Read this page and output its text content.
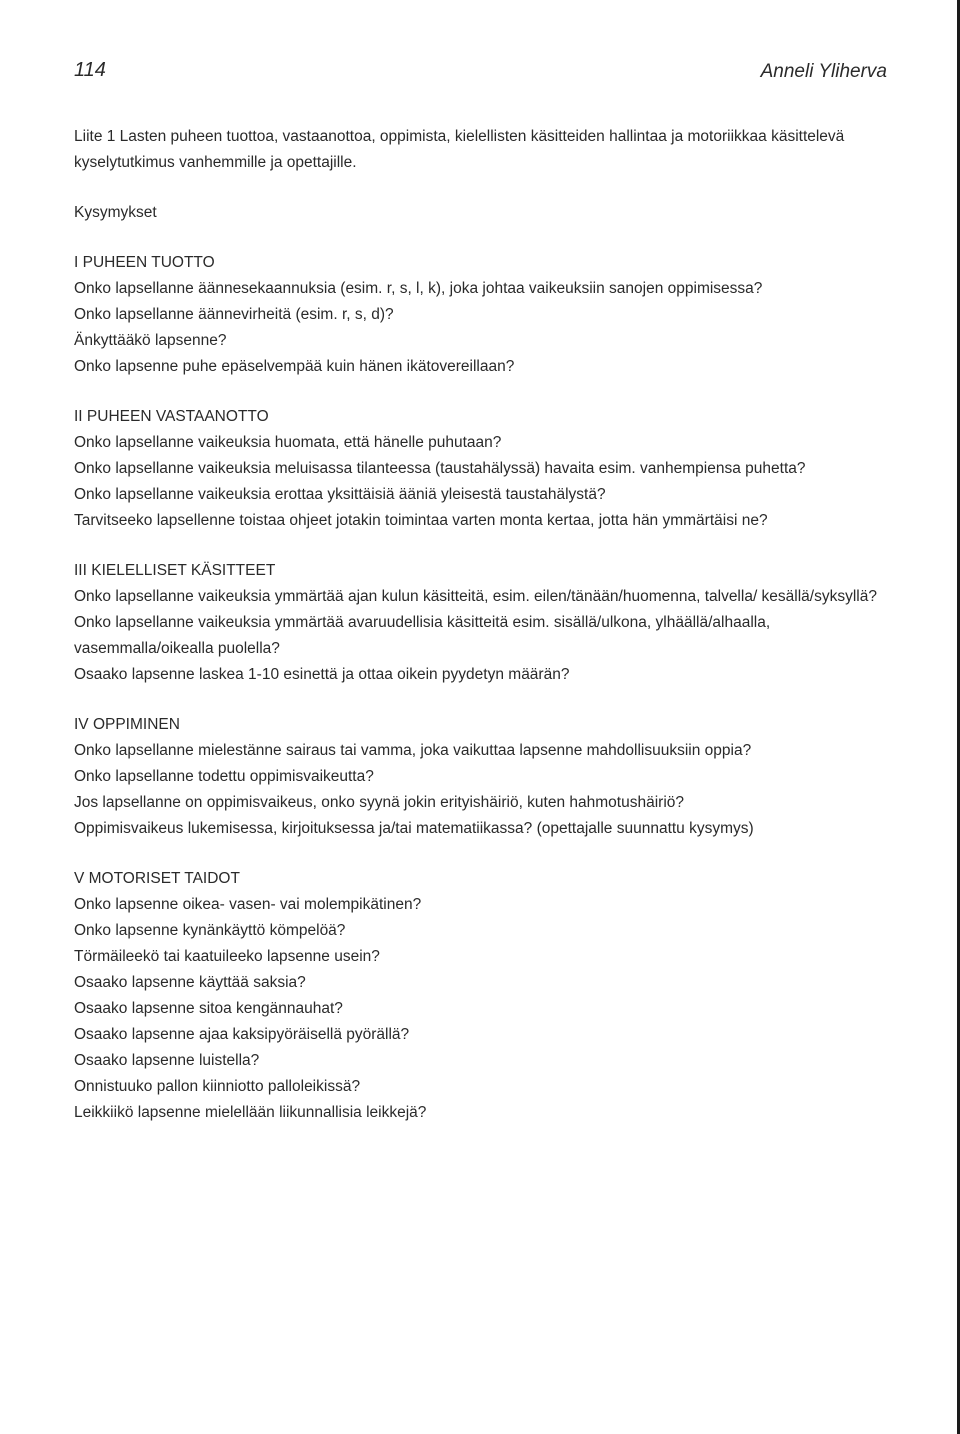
114	Anneli Yliherva

Liite 1 Lasten puheen tuottoa, vastaanottoa, oppimista, kielellisten käsitteiden hallintaa ja motoriikkaa käsittelevä kyselytutkimus vanhemmille ja opettajille.

Kysymykset

I PUHEEN TUOTTO

Onko lapsellanne äännesekaannuksia (esim. r, s, l, k), joka johtaa vaikeuksiin sanojen oppimisessa?

Onko lapsellanne äännevirheitä (esim. r, s, d)?

Änkyttääkö lapsenne?

Onko lapsenne puhe epäselvempää kuin hänen ikätovereillaan?

II PUHEEN VASTAANOTTO

Onko lapsellanne vaikeuksia huomata, että hänelle puhutaan?

Onko lapsellanne vaikeuksia meluisassa tilanteessa (taustahälyssä) havaita esim. vanhempiensa puhetta?

Onko lapsellanne vaikeuksia erottaa yksittäisiä ääniä yleisestä taustahälystä?

Tarvitseeko lapsellenne toistaa ohjeet jotakin toimintaa varten monta kertaa, jotta hän ymmärtäisi ne?

III KIELELLISET KÄSITTEET

Onko lapsellanne vaikeuksia ymmärtää ajan kulun käsitteitä, esim. eilen/tänään/huomenna, talvella/ kesällä/syksyllä?

Onko lapsellanne vaikeuksia ymmärtää avaruudellisia käsitteitä esim. sisällä/ulkona, ylhäällä/alhaalla, vasemmalla/oikealla puolella?

Osaako lapsenne laskea 1-10 esinettä ja ottaa oikein pyydetyn määrän?

IV OPPIMINEN

Onko lapsellanne mielestänne sairaus tai vamma, joka vaikuttaa lapsenne mahdollisuuksiin oppia?

Onko lapsellanne todettu oppimisvaikeutta?

Jos lapsellanne on oppimisvaikeus, onko syynä jokin erityishäiriö, kuten hahmotushäiriö?

Oppimisvaikeus lukemisessa, kirjoituksessa ja/tai matematiikassa? (opettajalle suunnattu kysymys)

V MOTORISET TAIDOT

Onko lapsenne oikea- vasen- vai molempikätinen?

Onko lapsenne kynänkäyttö kömpelöä?

Törmäileekö tai kaatuileeko lapsenne usein?

Osaako lapsenne käyttää saksia?

Osaako lapsenne sitoa kengännauhat?

Osaako lapsenne ajaa kaksipyöräisellä pyörällä?

Osaako lapsenne luistella?

Onnistuuko pallon kiinniotto palloleikissä?

Leikkiikö lapsenne mielellään liikunnallisia leikkejä?
